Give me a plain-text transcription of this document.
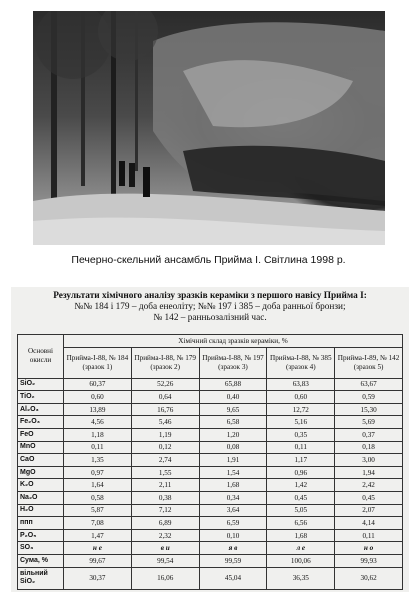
Печерно-скельний ансамбль Прийма І. Світлина 1998 р.
Результати хімічного аналізу зразків кераміки з першого навісу Прийма І:
№№ 184 і 179 – доба енеоліту; №№ 197 і 385 – доба ранньої бронзи;
№ 142 – ранньозалізний час.
Основні окисли	Хімічний склад зразків кераміки, %				
	Прийма-І-88, № 184 (зразок 1)	Прийма-І-88, № 179 (зразок 2)	Прийма-І-88, № 197 (зразок 3)	Прийма-І-88, № 385 (зразок 4)	Прийма-І-89, № 142 (зразок 5)
SiO₂	60,37	52,26	65,88	63,83	63,67
TiO₂	0,60	0,64	0,40	0,60	0,59
Al₂O₃	13,89	16,76	9,65	12,72	15,30
Fe₂O₃	4,56	5,46	6,58	5,16	5,69
FeO	1,18	1,19	1,20	0,35	0,37
MnO	0,11	0,12	0,08	0,11	0,18
CaO	1,35	2,74	1,91	1,17	3,00
MgO	0,97	1,55	1,54	0,96	1,94
K₂O	1,64	2,11	1,68	1,42	2,42
Na₂O	0,58	0,38	0,34	0,45	0,45
H₂O	5,87	7,12	3,64	5,05	2,07
ппп	7,08	6,89	6,59	6,56	4,14
P₂O₅	1,47	2,32	0,10	1,68	0,11
SO₃	н е	в и	я в	л е	н о
Сума, %	99,67	99,54	99,59	100,06	99,93
вільний SiO₂	30,37	16,06	45,04	36,35	30,62
